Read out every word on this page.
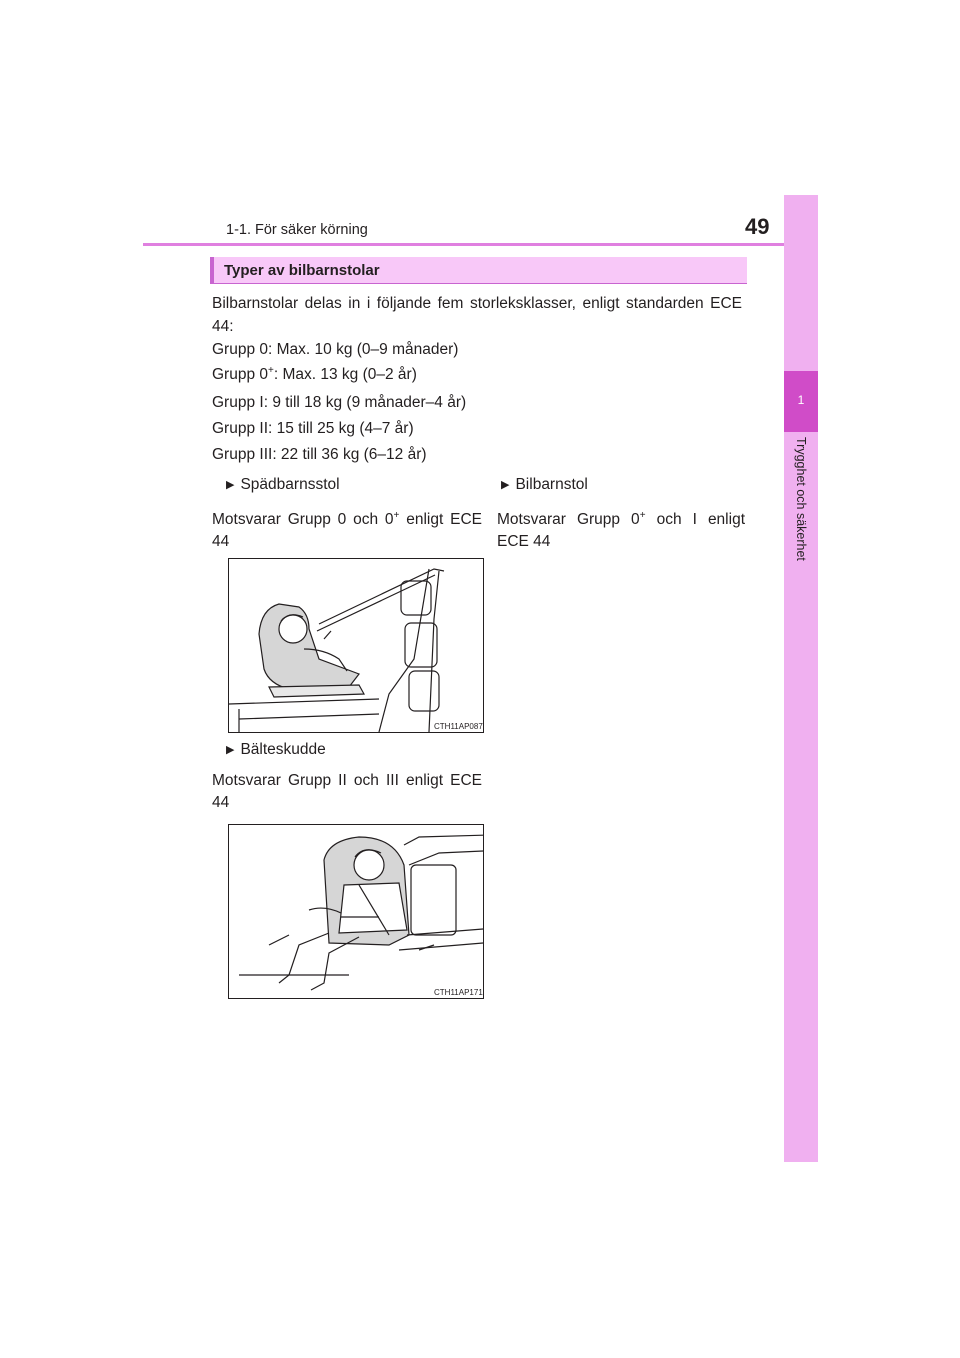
1-1. För säker körning	49
1
Trygghet och säkerhet
Typer av bilbarnstolar
Bilbarnstolar delas in i följande fem storleksklasser, enligt standarden ECE 44:
Grupp 0: Max. 10 kg (0–9 månader)
Grupp 0+: Max. 13 kg (0–2 år)
Grupp I: 9 till 18 kg (9 månader–4 år)
Grupp II: 15 till 25 kg (4–7 år)
Grupp III: 22 till 36 kg (6–12 år)
▶ Spädbarnsstol
Motsvarar Grupp 0 och 0+ enligt ECE 44
▶ Bilbarnstol
Motsvarar Grupp 0+ och I enligt ECE 44
CTH11AP087
▶ Bälteskudde
Motsvarar Grupp II och III enligt ECE 44
CTH11AP171
